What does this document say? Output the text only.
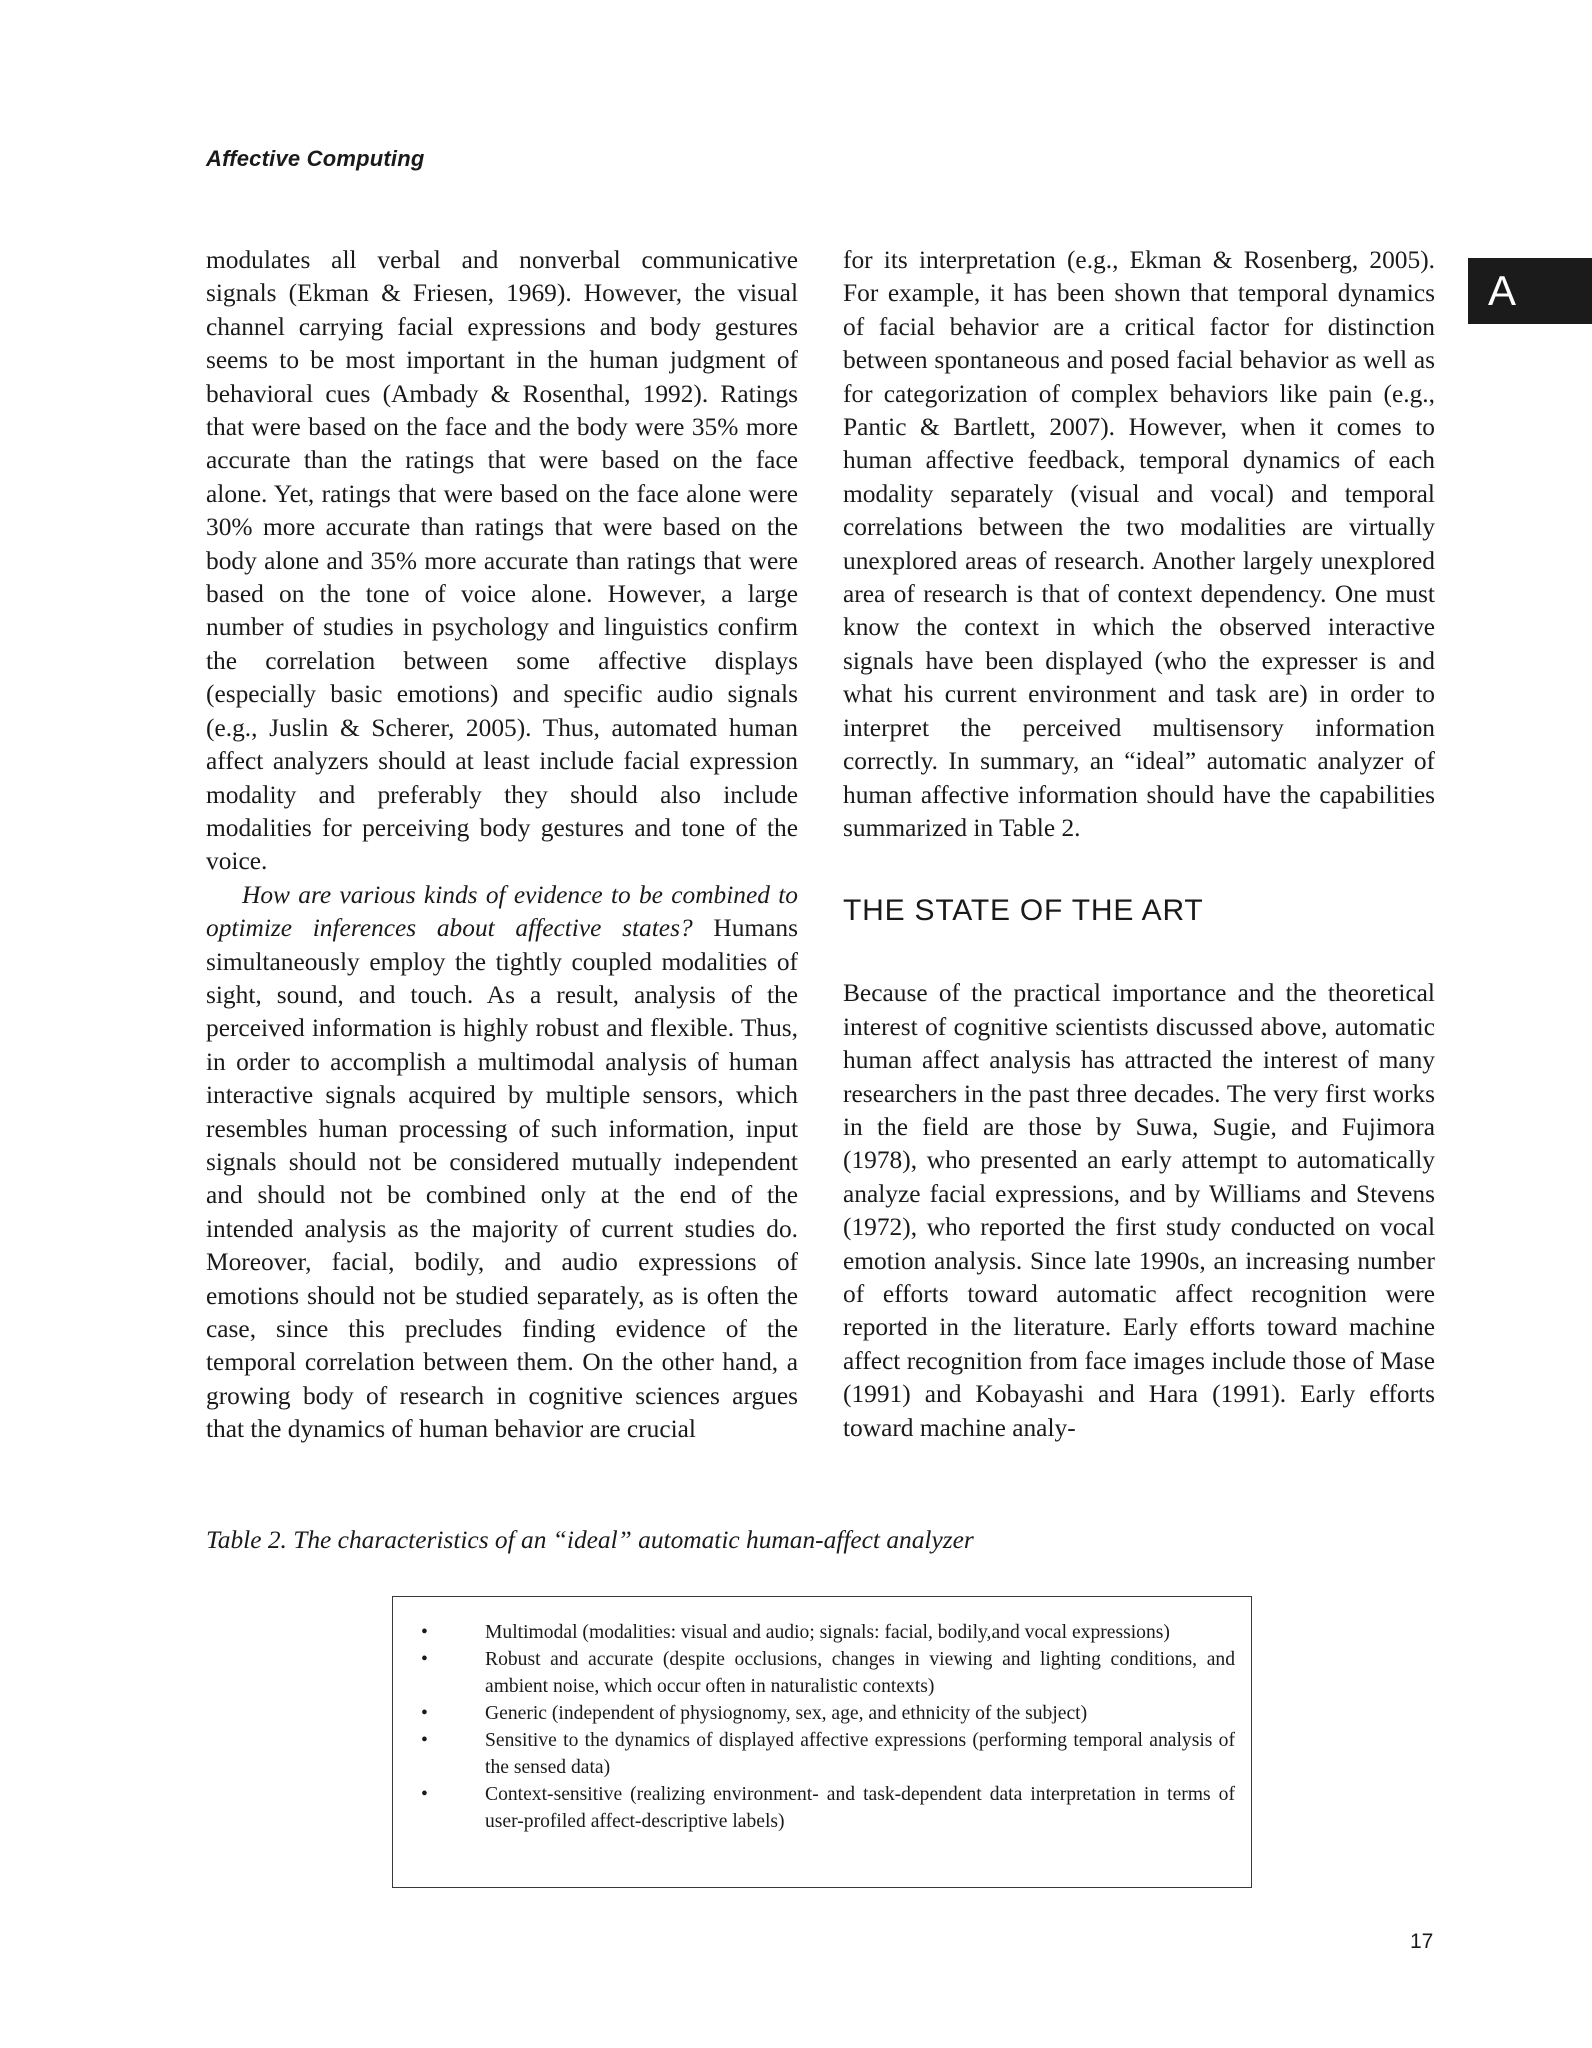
Affective Computing
A

modulates all verbal and nonverbal communicative signals (Ekman & Friesen, 1969). However, the visual channel carrying facial expressions and body gestures seems to be most important in the human judgment of behavioral cues (Ambady & Rosenthal, 1992). Ratings that were based on the face and the body were 35% more accurate than the ratings that were based on the face alone. Yet, ratings that were based on the face alone were 30% more accurate than ratings that were based on the body alone and 35% more accurate than ratings that were based on the tone of voice alone. However, a large number of studies in psychology and linguistics confirm the correlation between some affective displays (especially basic emotions) and specific audio signals (e.g., Juslin & Scherer, 2005). Thus, automated human affect analyzers should at least include facial expression modality and preferably they should also include modalities for perceiving body gestures and tone of the voice.

How are various kinds of evidence to be combined to optimize inferences about affective states? Humans simultaneously employ the tightly coupled modalities of sight, sound, and touch. As a result, analysis of the perceived information is highly robust and flexible. Thus, in order to accomplish a multimodal analysis of human interactive signals acquired by multiple sensors, which resembles human processing of such information, input signals should not be considered mutually independent and should not be combined only at the end of the intended analysis as the majority of current studies do. Moreover, facial, bodily, and audio expressions of emotions should not be studied separately, as is often the case, since this precludes finding evidence of the temporal correlation between them. On the other hand, a growing body of research in cognitive sciences argues that the dynamics of human behavior are crucial

for its interpretation (e.g., Ekman & Rosenberg, 2005). For example, it has been shown that temporal dynamics of facial behavior are a critical factor for distinction between spontaneous and posed facial behavior as well as for categorization of complex behaviors like pain (e.g., Pantic & Bartlett, 2007). However, when it comes to human affective feedback, temporal dynamics of each modality separately (visual and vocal) and temporal correlations between the two modalities are virtually unexplored areas of research. Another largely unexplored area of research is that of context dependency. One must know the context in which the observed interactive signals have been displayed (who the expresser is and what his current environment and task are) in order to interpret the perceived multisensory information correctly. In summary, an “ideal” automatic analyzer of human affective information should have the capabilities summarized in Table 2.

THE STATE OF THE ART

Because of the practical importance and the theoretical interest of cognitive scientists discussed above, automatic human affect analysis has attracted the interest of many researchers in the past three decades. The very first works in the field are those by Suwa, Sugie, and Fujimora (1978), who presented an early attempt to automatically analyze facial expressions, and by Williams and Stevens (1972), who reported the first study conducted on vocal emotion analysis. Since late 1990s, an increasing number of efforts toward automatic affect recognition were reported in the literature. Early efforts toward machine affect recognition from face images include those of Mase (1991) and Kobayashi and Hara (1991). Early efforts toward machine analy-

Table 2. The characteristics of an “ideal” automatic human-affect analyzer
•	Multimodal (modalities: visual and audio; signals: facial, bodily,and vocal expressions)
•	Robust and accurate (despite occlusions, changes in viewing and lighting conditions, and ambient noise, which occur often in naturalistic contexts)
•	Generic (independent of physiognomy, sex, age, and ethnicity of the subject)
•	Sensitive to the dynamics of displayed affective expressions (performing temporal analysis of the sensed data)
•	Context-sensitive (realizing environment- and task-dependent data interpretation in terms of user-profiled affect-descriptive labels)
17
